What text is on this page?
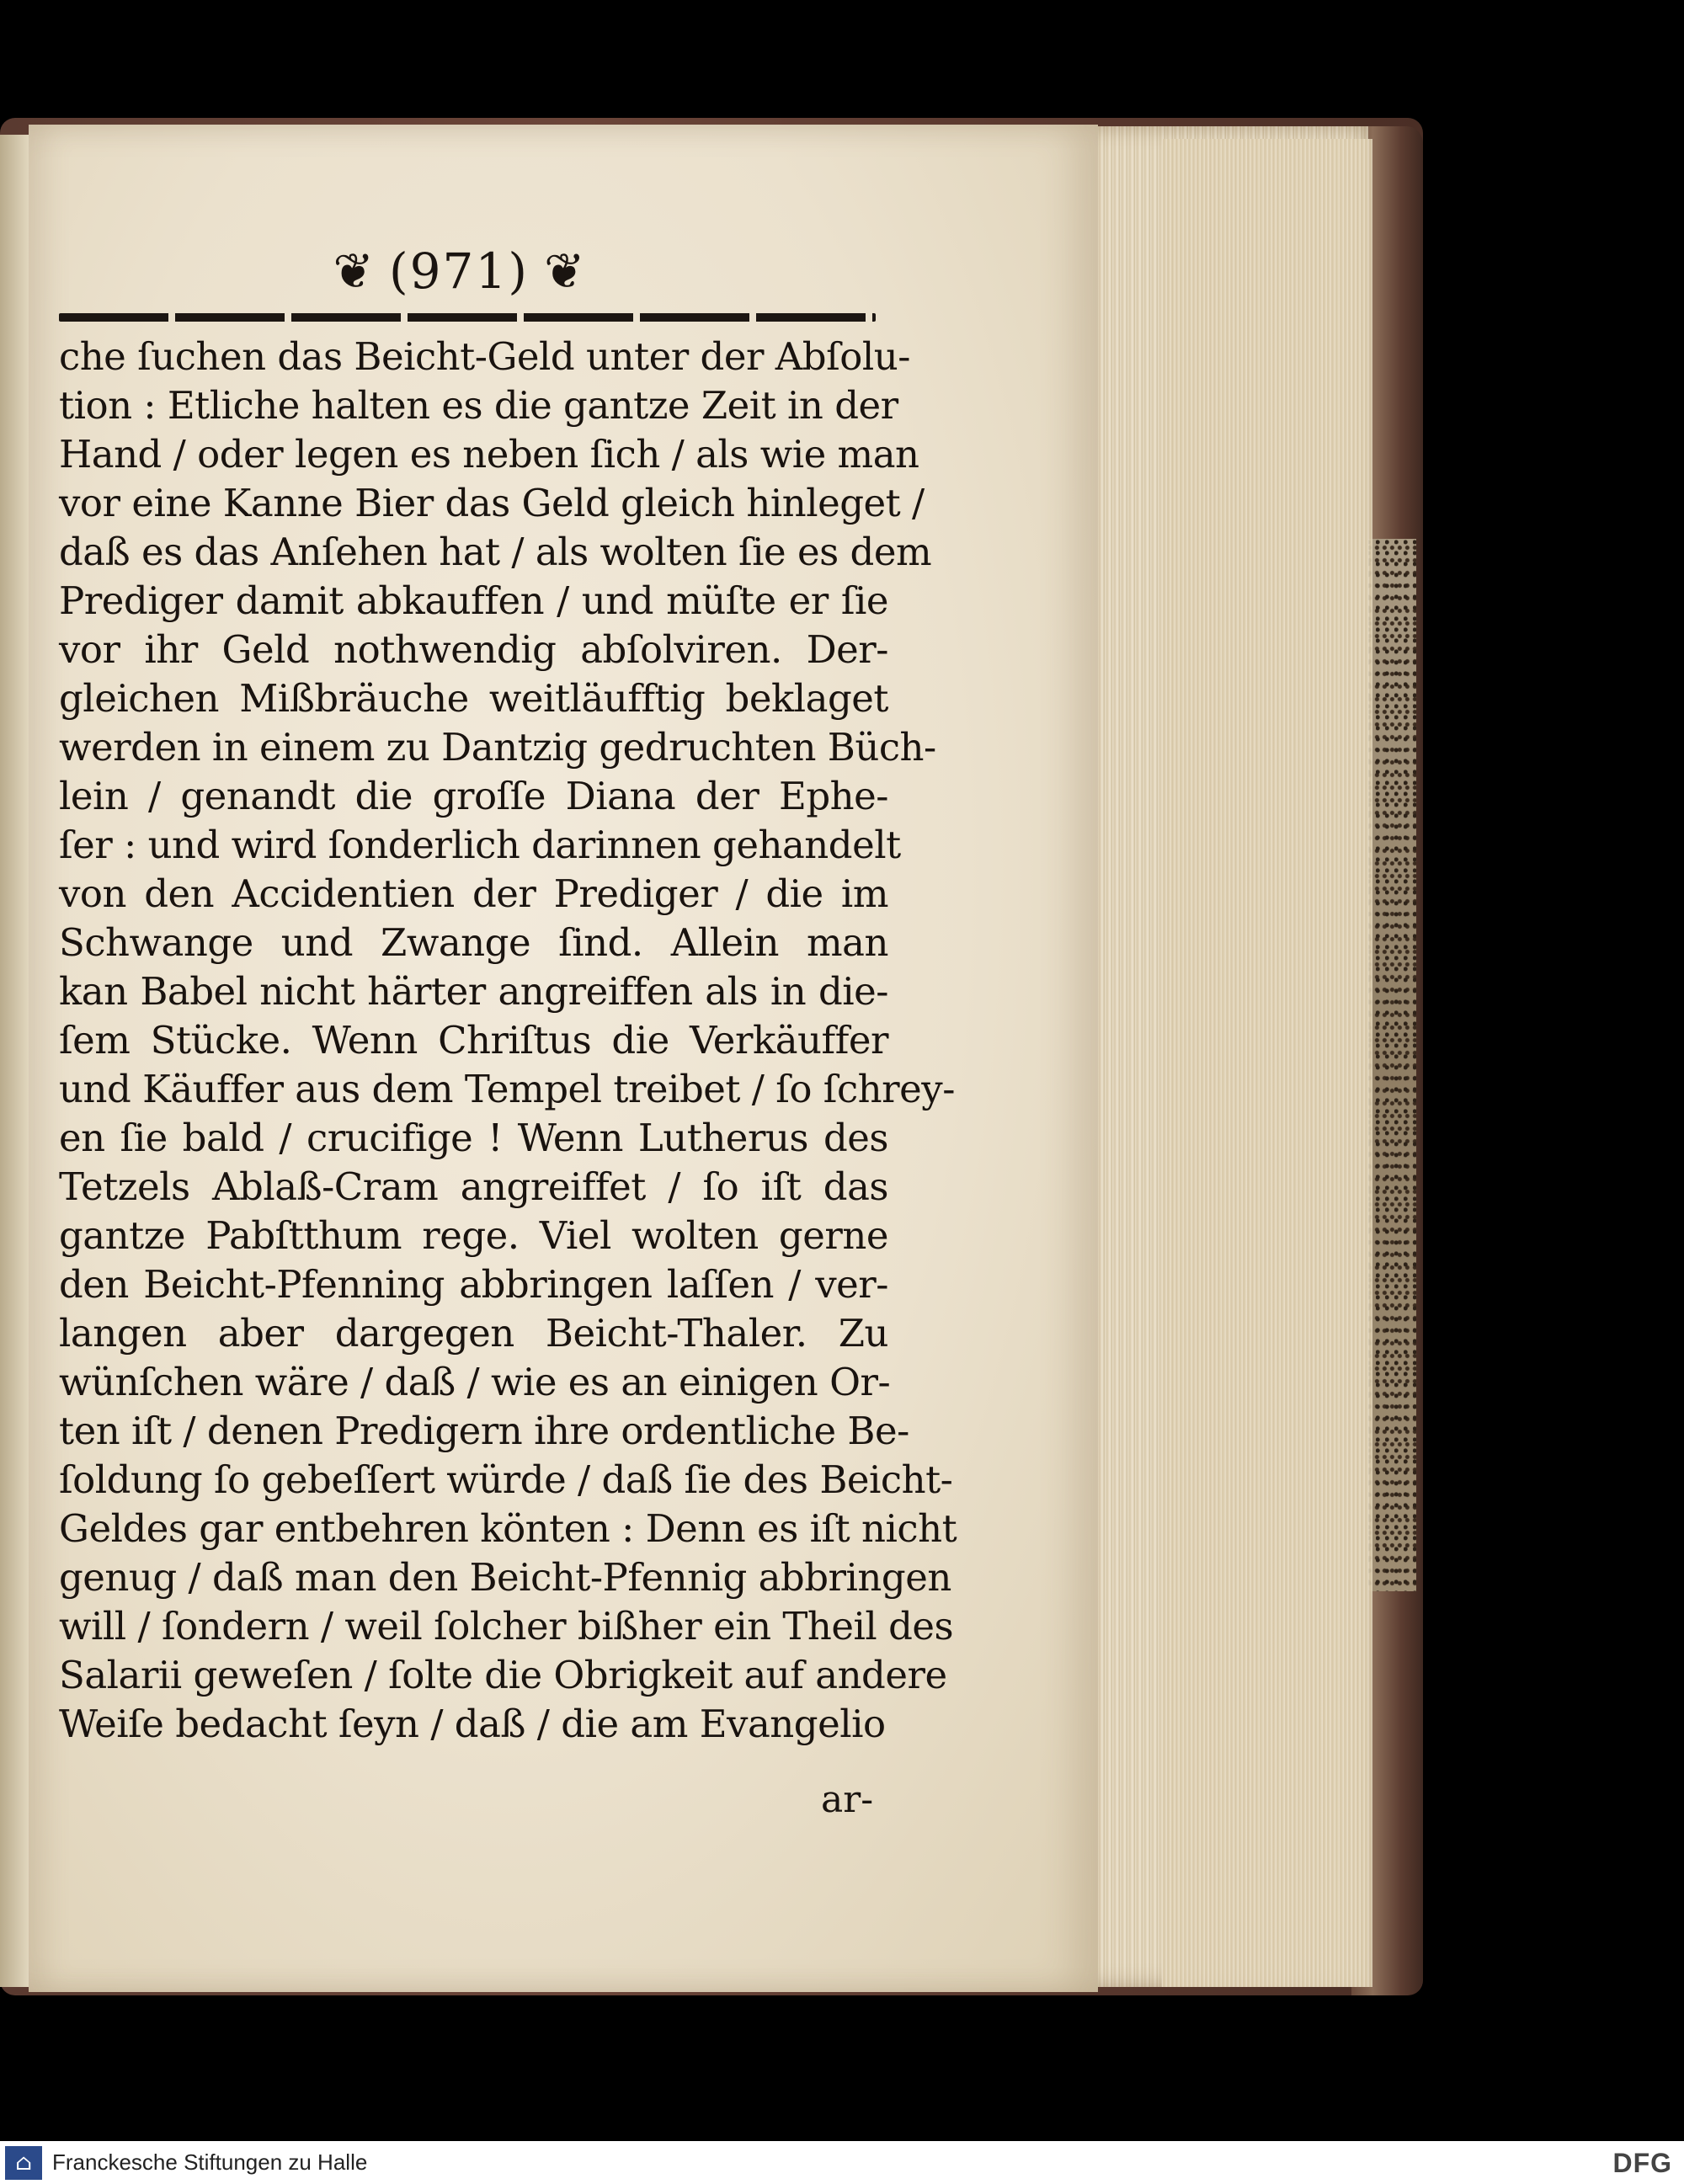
❦ (971) ❦
che ſuchen das Beicht-Geld unter der Abſolu-
tion : Etliche halten es die gantze Zeit in der
Hand / oder legen es neben ſich / als wie man
vor eine Kanne Bier das Geld gleich hinleget /
daß es das Anſehen hat / als wolten ſie es dem
Prediger damit abkauffen / und müſte er ſie
vor ihr Geld nothwendig abſolviren. Der-
gleichen Mißbräuche weitläufftig beklaget
werden in einem zu Dantzig gedruchten Büch-
lein / genandt die groſſe Diana der Ephe-
ſer : und wird ſonderlich darinnen gehandelt
von den Accidentien der Prediger / die im
Schwange und Zwange ſind. Allein man
kan Babel nicht härter angreiffen als in die-
ſem Stücke. Wenn Chriſtus die Verkäuffer
und Käuffer aus dem Tempel treibet / ſo ſchrey-
en ſie bald / crucifige ! Wenn Lutherus des
Tetzels Ablaß-Cram angreiffet / ſo iſt das
gantze Pabſtthum rege. Viel wolten gerne
den Beicht-Pfenning abbringen laſſen / ver-
langen aber dargegen Beicht-Thaler. Zu
wünſchen wäre / daß / wie es an einigen Or-
ten iſt / denen Predigern ihre ordentliche Be-
ſoldung ſo gebeſſert würde / daß ſie des Beicht-
Geldes gar entbehren könten : Denn es iſt nicht
genug / daß man den Beicht-Pfennig abbringen
will / ſondern / weil ſolcher bißher ein Theil des
Salarii geweſen / ſolte die Obrigkeit auf andere
Weiſe bedacht ſeyn / daß / die am Evangelio
ar-
⌂ Franckesche Stiftungen zu Halle	DFG
